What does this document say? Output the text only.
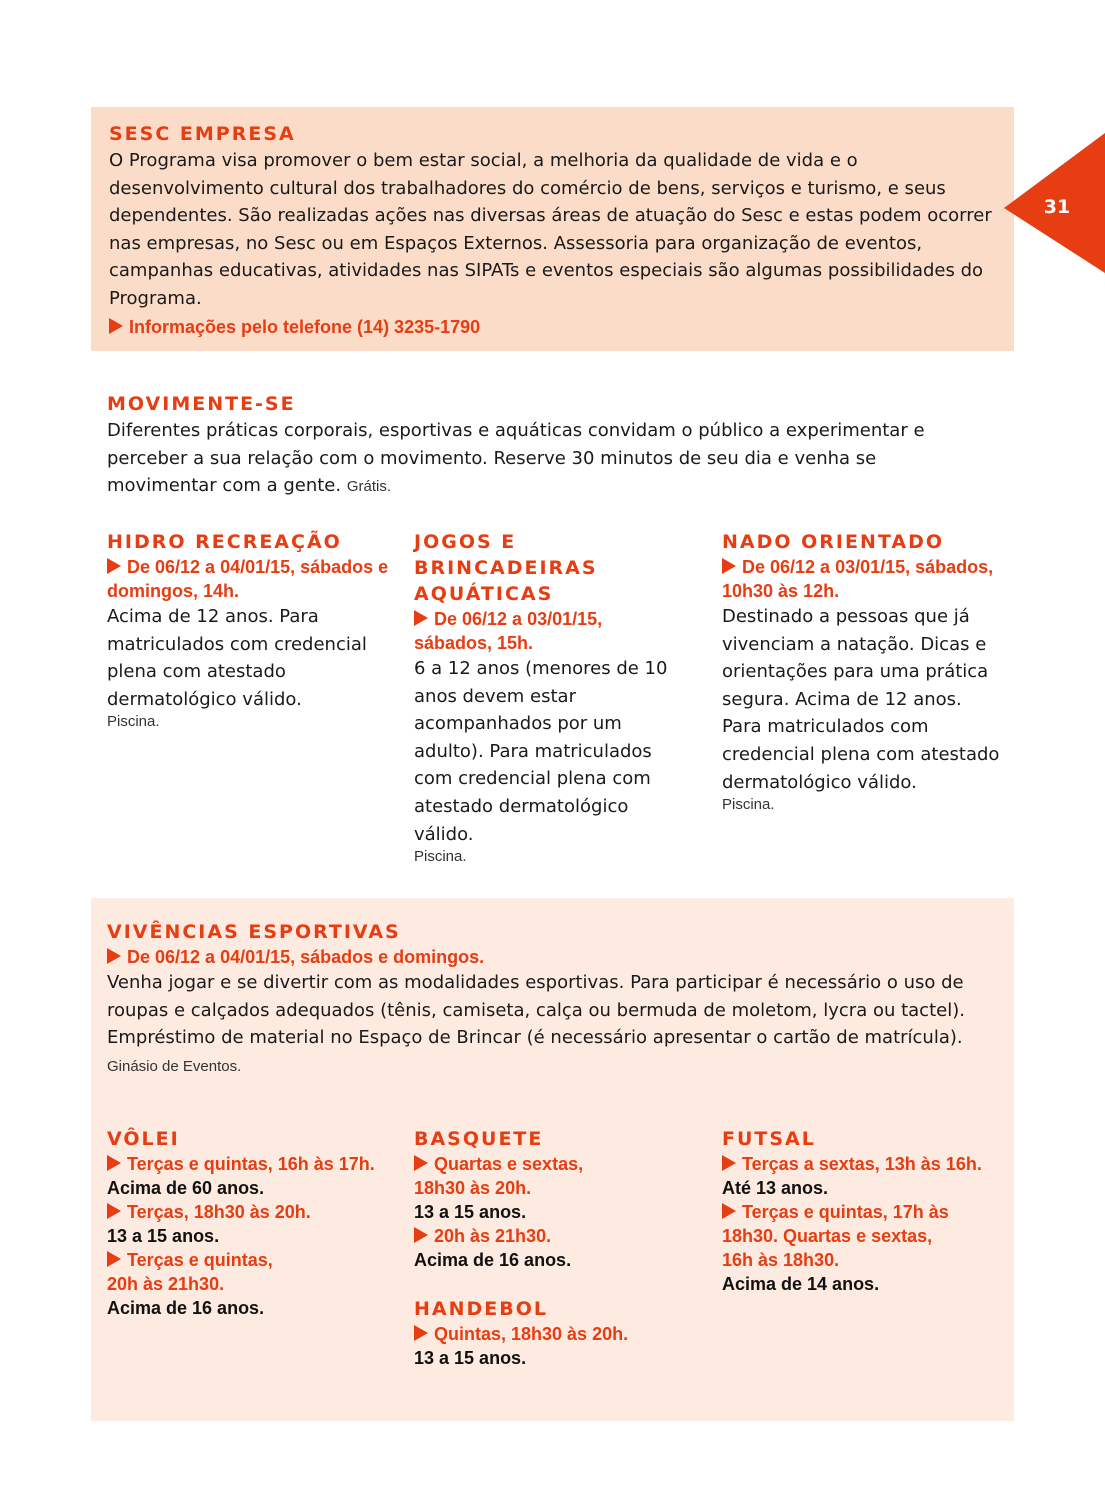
SESC EMPRESA
O Programa visa promover o bem estar social, a melhoria da qualidade de vida e o desenvolvimento cultural dos trabalhadores do comércio de bens, serviços e turismo, e seus dependentes. São realizadas ações nas diversas áreas de atuação do Sesc e estas podem ocorrer nas empresas, no Sesc ou em Espaços Externos. Assessoria para organização de eventos, campanhas educativas, atividades nas SIPATs e eventos especiais são algumas possibilidades do Programa.
Informações pelo telefone (14) 3235-1790
31
MOVIMENTE-SE
Diferentes práticas corporais, esportivas e aquáticas convidam o público a experimentar e perceber a sua relação com o movimento. Reserve 30 minutos de seu dia e venha se movimentar com a gente. Grátis.
HIDRO RECREAÇÃO
De 06/12 a 04/01/15, sábados e domingos, 14h.
Acima de 12 anos. Para matriculados com credencial plena com atestado dermatológico válido.
Piscina.
JOGOS E BRINCADEIRAS AQUÁTICAS
De 06/12 a 03/01/15, sábados, 15h.
6 a 12 anos (menores de 10 anos devem estar acompanhados por um adulto). Para matriculados com credencial plena com atestado dermatológico válido.
Piscina.
NADO ORIENTADO
De 06/12 a 03/01/15, sábados, 10h30 às 12h.
Destinado a pessoas que já vivenciam a natação. Dicas e orientações para uma prática segura. Acima de 12 anos. Para matriculados com credencial plena com atestado dermatológico válido.
Piscina.
VIVÊNCIAS ESPORTIVAS
De 06/12 a 04/01/15, sábados e domingos.
Venha jogar e se divertir com as modalidades esportivas. Para participar é necessário o uso de roupas e calçados adequados (tênis, camiseta, calça ou bermuda de moletom, lycra ou tactel). Empréstimo de material no Espaço de Brincar (é necessário apresentar o cartão de matrícula). Ginásio de Eventos.
VÔLEI
Terças e quintas, 16h às 17h.
Acima de 60 anos.
Terças, 18h30 às 20h.
13 a 15 anos.
Terças e quintas, 20h às 21h30.
Acima de 16 anos.
BASQUETE
Quartas e sextas, 18h30 às 20h.
13 a 15 anos.
20h às 21h30.
Acima de 16 anos.
HANDEBOL
Quintas, 18h30 às 20h.
13 a 15 anos.
FUTSAL
Terças a sextas, 13h às 16h.
Até 13 anos.
Terças e quintas, 17h às 18h30. Quartas e sextas, 16h às 18h30.
Acima de 14 anos.
